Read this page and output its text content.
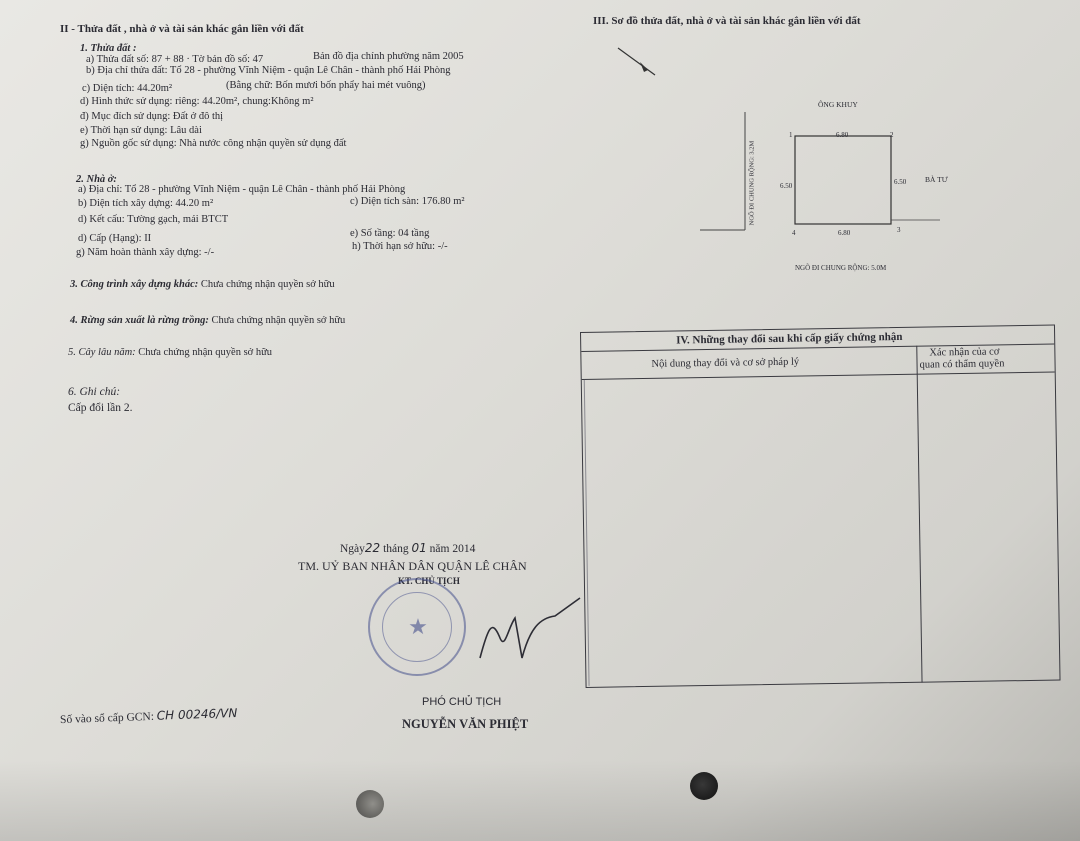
II - Thửa đất , nhà ở và tài sản khác gắn liền với đất
1. Thửa đất :
a) Thửa đất số: 87 + 88 · Tờ bản đồ số: 47	Bản đồ địa chính phường năm 2005
b) Địa chỉ thửa đất: Tổ 28 - phường Vĩnh Niệm - quận Lê Chân - thành phố Hải Phòng
c) Diện tích: 44.20m²	(Bằng chữ: Bốn mươi bốn phẩy hai mét vuông)
d) Hình thức sử dụng: riêng: 44.20m², chung:Không m²
đ) Mục đích sử dụng: Đất ở đô thị
e) Thời hạn sử dụng: Lâu dài
g) Nguồn gốc sử dụng: Nhà nước công nhận quyền sử dụng đất
2. Nhà ở:
a) Địa chỉ: Tổ 28 - phường Vĩnh Niệm - quận Lê Chân - thành phố Hải Phòng
b) Diện tích xây dựng: 44.20 m²	c) Diện tích sàn: 176.80 m²
d) Kết cấu: Tường gạch, mái BTCT
d) Cấp (Hạng): II	e) Số tầng: 04 tầng
g) Năm hoàn thành xây dựng: -/-
h) Thời hạn sở hữu: -/-
3. Công trình xây dựng khác: Chưa chứng nhận quyền sở hữu
4. Rừng sản xuất là rừng trồng: Chưa chứng nhận quyền sở hữu
5. Cây lâu năm: Chưa chứng nhận quyền sở hữu
6. Ghi chú:
Cấp đổi lần 2.
III. Sơ đồ thửa đất, nhà ở và tài sản khác gắn liền với đất
ÔNG KHUY
BÀ TƯ
NGÕ ĐI CHUNG RỘNG: 3.2M
NGÕ ĐI CHUNG RỘNG: 5.0M
6.80
6.80
6.50	6.50
1	2
3
4
IV. Những thay đổi sau khi cấp giấy chứng nhận
Nội dung thay đổi và cơ sở pháp lý
Xác nhận của cơ
quan có thẩm quyền
Ngày22 tháng 01 năm 2014
TM. UỶ BAN NHÂN DÂN QUẬN LÊ CHÂN
KT. CHỦ TỊCH
★
PHÓ CHỦ TỊCH
NGUYỄN VĂN PHIỆT
Số vào sổ cấp GCN: CH 00246/VN
